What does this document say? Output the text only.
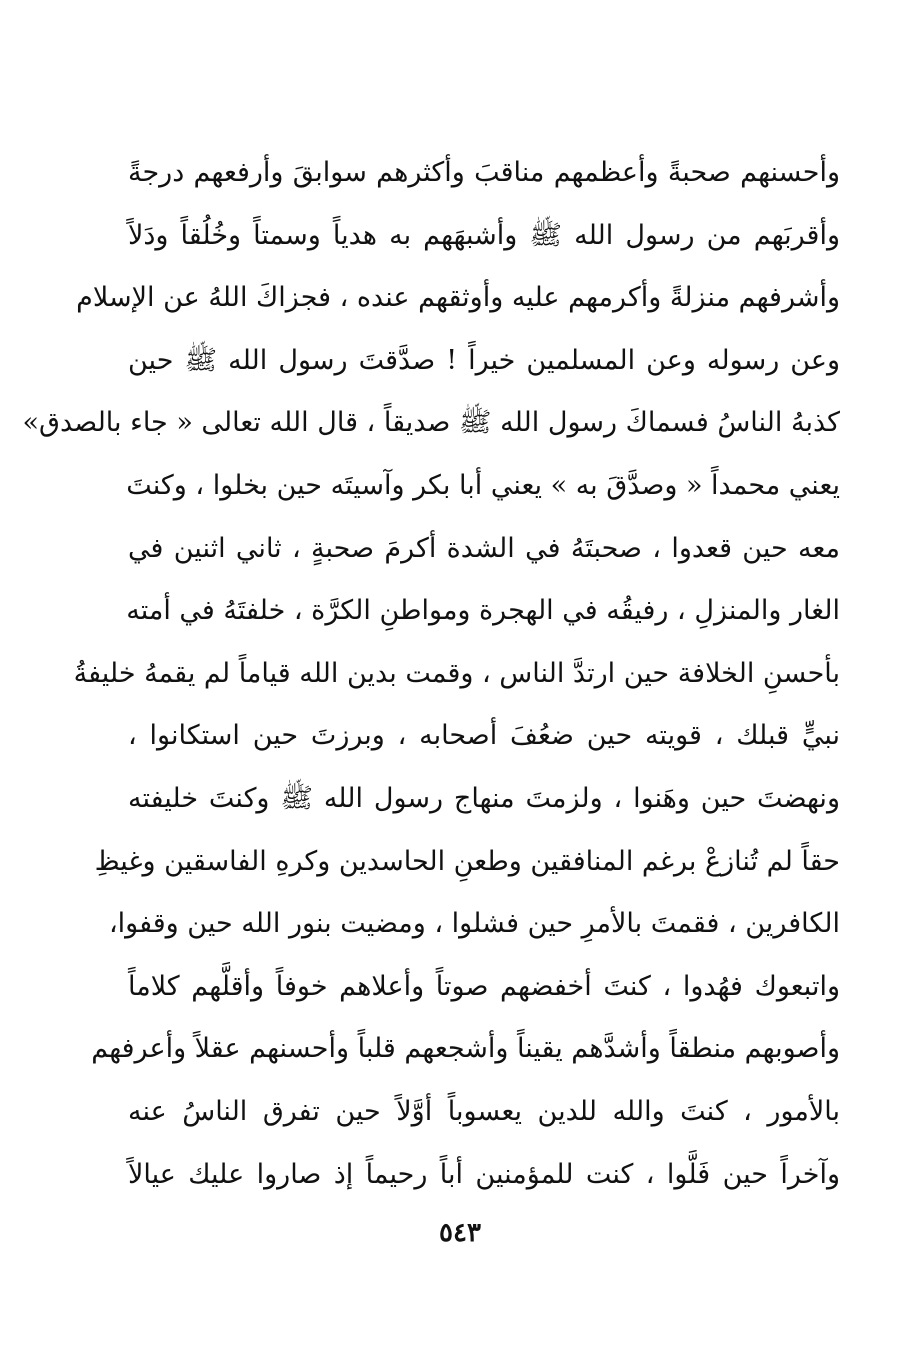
وأحسنهم صحبةً وأعظمهم مناقبَ وأكثرهم سوابقَ وأرفعهم درجةً
وأقربَهم من رسول الله ﷺ وأشبهَهم به هدياً وسمتاً وخُلُقاً ودَلاً
وأشرفهم منزلةً وأكرمهم عليه وأوثقهم عنده ، فجزاكَ اللهُ عن الإسلام
وعن رسوله وعن المسلمين خيراً ! صدَّقتَ رسول الله ﷺ حين
كذبهُ الناسُ فسماكَ رسول الله ﷺ صديقاً ، قال الله تعالى « جاء بالصدق»
يعني محمداً « وصدَّقَ به » يعني أبا بكر وآسيتَه حين بخلوا ، وكنتَ
معه حين قعدوا ، صحبتَهُ في الشدة أكرمَ صحبةٍ ، ثاني اثنين في
الغار والمنزلِ ، رفيقُه في الهجرة ومواطنِ الكرَّة ، خلفتَهُ في أمته
بأحسنِ الخلافة حين ارتدَّ الناس ، وقمت بدين الله قياماً لم يقمهُ خليفةُ
نبيٍّ قبلك ، قويته حين ضعُفَ أصحابه ، وبرزتَ حين استكانوا ،
ونهضتَ حين وهَنوا ، ولزمتَ منهاج رسول الله ﷺ وكنتَ خليفته
حقاً لم تُنازعْ برغم المنافقين وطعنِ الحاسدين وكرهِ الفاسقين وغيظِ
الكافرين ، فقمتَ بالأمرِ حين فشلوا ، ومضيت بنور الله حين وقفوا،
واتبعوك فهُدوا ، كنتَ أخفضهم صوتاً وأعلاهم خوفاً وأقلَّهم كلاماً
وأصوبهم منطقاً وأشدَّهم يقيناً وأشجعهم قلباً وأحسنهم عقلاً وأعرفهم
بالأمور ، كنتَ والله للدين يعسوباً أوَّلاً حين تفرق الناسُ عنه
وآخراً حين فَلَّوا ، كنت للمؤمنين أباً رحيماً إذ صاروا عليك عيالاً
٥٤٣
